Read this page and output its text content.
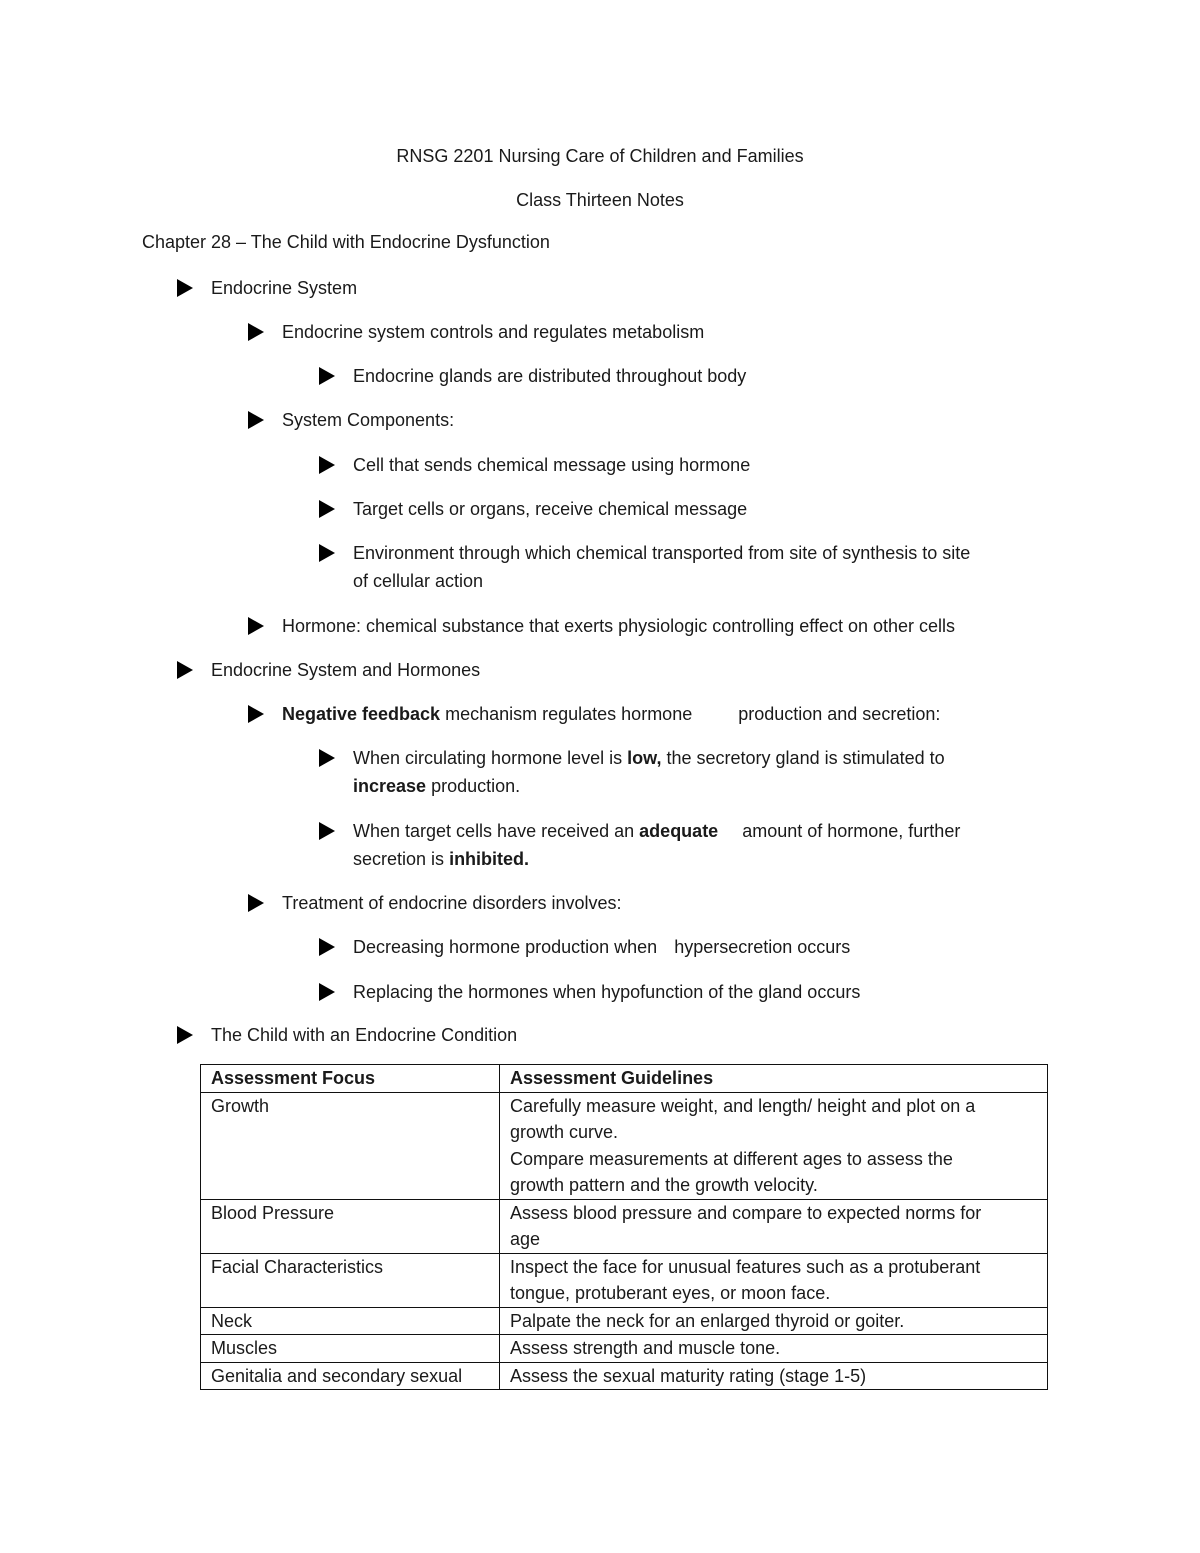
RNSG 2201 Nursing Care of Children and Families
Class Thirteen Notes
Chapter 28 – The Child with Endocrine Dysfunction
Endocrine System
Endocrine system controls and regulates metabolism
Endocrine glands are distributed throughout body
System Components:
Cell that sends chemical message using hormone
Target cells or organs, receive chemical message
Environment through which chemical transported from site of synthesis to site
of cellular action
Hormone: chemical substance that exerts physiologic controlling effect on other cells
Endocrine System and Hormones
Negative feedback mechanism regulates hormone	production and secretion:
When circulating hormone level is low, the secretory gland is stimulated to
increase production.
When target cells have received an adequate amount of hormone, further
secretion is inhibited.
Treatment of endocrine disorders involves:
Decreasing hormone production when hypersecretion occurs
Replacing the hormones when hypofunction of the gland occurs
The Child with an Endocrine Condition
Assessment Focus	Assessment Guidelines
Growth	Carefully measure weight, and length/ height and plot on a
growth curve.
Compare measurements at different ages to assess the
growth pattern and the growth velocity.

Blood Pressure	Assess blood pressure and compare to expected norms for
age

Facial Characteristics	Inspect the face for unusual features such as a protuberant
tongue, protuberant eyes, or moon face.

Neck	Palpate the neck for an enlarged thyroid or goiter.

Muscles	Assess strength and muscle tone.

Genitalia and secondary sexual	Assess the sexual maturity rating (stage 1-5)
